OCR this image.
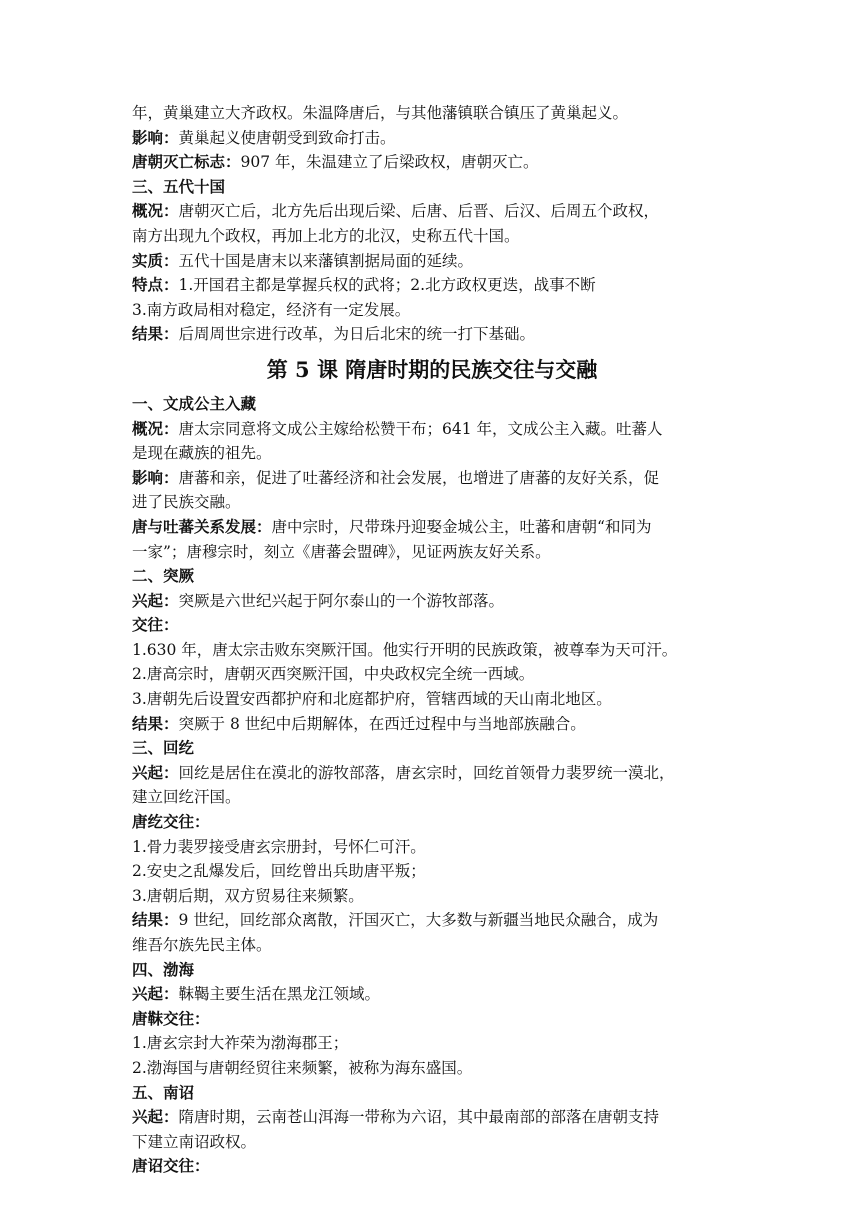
年，黄巢建立大齐政权。朱温降唐后，与其他藩镇联合镇压了黄巢起义。
影响：黄巢起义使唐朝受到致命打击。
唐朝灭亡标志：907 年，朱温建立了后梁政权，唐朝灭亡。
三、五代十国
概况：唐朝灭亡后，北方先后出现后梁、后唐、后晋、后汉、后周五个政权，
南方出现九个政权，再加上北方的北汉，史称五代十国。
实质：五代十国是唐末以来藩镇割据局面的延续。
特点：1.开国君主都是掌握兵权的武将；2.北方政权更迭，战事不断
3.南方政局相对稳定，经济有一定发展。
结果：后周周世宗进行改革，为日后北宋的统一打下基础。
第 5 课 隋唐时期的民族交往与交融
一、文成公主入藏
概况：唐太宗同意将文成公主嫁给松赞干布；641 年，文成公主入藏。吐蕃人
是现在藏族的祖先。
影响：唐蕃和亲，促进了吐蕃经济和社会发展，也增进了唐蕃的友好关系，促
进了民族交融。
唐与吐蕃关系发展：唐中宗时，尺带珠丹迎娶金城公主，吐蕃和唐朝“和同为
一家”；唐穆宗时，刻立《唐蕃会盟碑》，见证两族友好关系。
二、突厥
兴起：突厥是六世纪兴起于阿尔泰山的一个游牧部落。
交往：
1.630 年，唐太宗击败东突厥汗国。他实行开明的民族政策，被尊奉为天可汗。
2.唐高宗时，唐朝灭西突厥汗国，中央政权完全统一西域。
3.唐朝先后设置安西都护府和北庭都护府，管辖西域的天山南北地区。
结果：突厥于 8 世纪中后期解体，在西迁过程中与当地部族融合。
三、回纥
兴起：回纥是居住在漠北的游牧部落，唐玄宗时，回纥首领骨力裴罗统一漠北，
建立回纥汗国。
唐纥交往：
1.骨力裴罗接受唐玄宗册封，号怀仁可汗。
2.安史之乱爆发后，回纥曾出兵助唐平叛；
3.唐朝后期，双方贸易往来频繁。
结果：9 世纪，回纥部众离散，汗国灭亡，大多数与新疆当地民众融合，成为
维吾尔族先民主体。
四、渤海
兴起：靺鞨主要生活在黑龙江领域。
唐靺交往：
1.唐玄宗封大祚荣为渤海郡王；
2.渤海国与唐朝经贸往来频繁，被称为海东盛国。
五、南诏
兴起：隋唐时期，云南苍山洱海一带称为六诏，其中最南部的部落在唐朝支持
下建立南诏政权。
唐诏交往：
